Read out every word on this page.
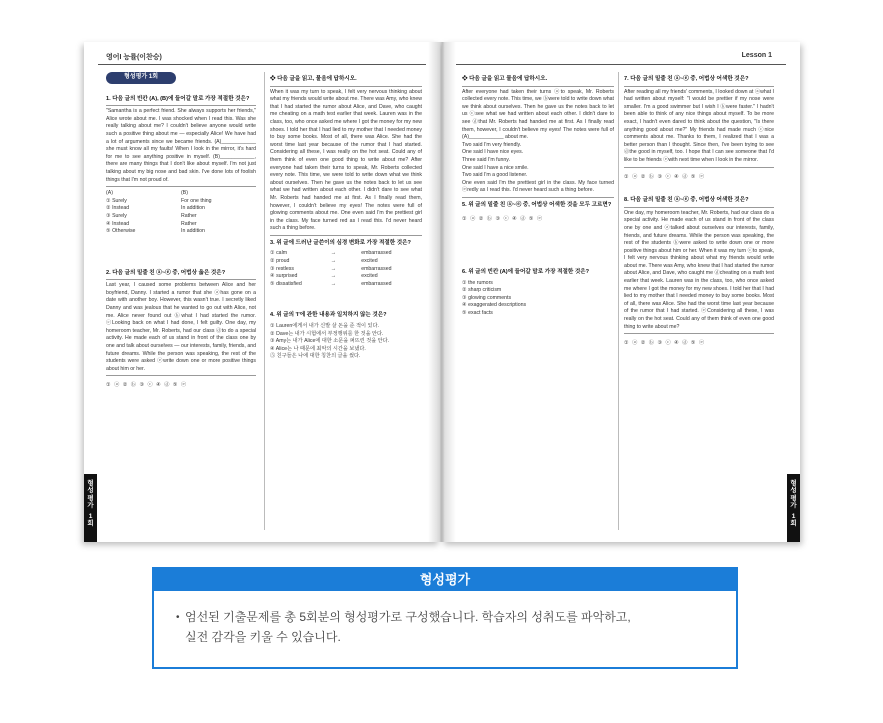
영어I 능률(이찬승)
형성평가 1회
1. 다음 글의 빈칸 (A), (B)에 들어갈 말로 가장 적절한 것은?
"Samantha is a perfect friend. She always supports her friends," Alice wrote about me. I was shocked when I read this. Was she really talking about me? I couldn't believe anyone would write such a positive thing about me — especially Alice! We have had a lot of arguments since we became friends. (A)____________ she must know all my faults! When I look in the mirror, it's hard for me to see anything positive in myself. (B)____________, there are many things that I don't like about myself. I'm not just talking about my big nose and bad skin. I've done lots of foolish things that I'm not proud of.
(A)	(B)
① Surely	For one thing
② Instead	In addition
③ Surely	Rather
④ Instead	Rather
⑤ Otherwise	In addition
2. 다음 글의 밑줄 친 ⓐ~ⓔ 중, 어법상 옳은 것은?
Last year, I caused some problems between Alice and her boyfriend, Danny. I started a rumor that she ⓐhas gone on a date with another boy. However, this wasn't true. I secretly liked Danny and was jealous that he wanted to go out with Alice, not me. Alice never found out ⓑwhat I had started the rumor. ⓒLooking back on what I had done, I felt guilty. One day, my homeroom teacher, Mr. Roberts, had our class ⓓto do a special activity. He made each of us stand in front of the class one by one and talk about ourselves — our interests, family, friends, and future dreams. While the person was speaking, the rest of the students were asked ⓔwrite down one or more positive things about him or her.
① ⓐ ② ⓑ ③ ⓒ ④ ⓓ ⑤ ⓔ
❖ 다음 글을 읽고, 물음에 답하시오.
When it was my turn to speak, I felt very nervous thinking about what my friends would write about me. There was Amy, who knew that I had started the rumor about Alice, and Dave, who caught me cheating on a math test earlier that week. Lauren was in the class, too, who once asked me where I got the money for my new shoes. I told her that I had lied to my mother that I needed money to buy some books. Most of all, there was Alice. She had the worst time last year because of the rumor that I had started. Considering all these, I was really on the hot seat. Could any of them think of even one good thing to write about me? After everyone had taken their turns to speak, Mr. Roberts collected every note. This time, we were told to write down what we think about ourselves. Then he gave us the notes back to let us see what we had written about each other. I didn't dare to see what Mr. Roberts had handed me at first. As I finally read them, however, I couldn't believe my eyes! The notes were full of glowing comments about me. One even said I'm the prettiest girl in the class. My face turned red as I read this. I'd never heard such a thing before.
3. 위 글에 드러난 글쓴이의 심경 변화로 가장 적절한 것은?
① calm	→	embarrassed
② proud	→	excited
③ restless	→	embarrassed
④ surprised	→	excited
⑤ dissatisfied	→	embarrassed
4. 위 글의 'I'에 관한 내용과 일치하지 않는 것은?
① Lauren에게서 내가 신발 살 돈을 준 적이 있다.
② Dave는 내가 시험에서 부정행위를 한 것을 안다.
③ Amy는 내가 Alice에 대한 소문을 퍼뜨린 것을 안다.
④ Alice는 나 때문에 최악의 시간을 보냈다.
⑤ 친구들은 나에 대한 칭찬의 글을 썼다.
형
성
평
가
1
회
Lesson 1
❖ 다음 글을 읽고 물음에 답하시오.
After everyone had taken their turns ⓐto speak, Mr. Roberts collected every note. This time, we ⓑwere told to write down what we think about ourselves. Then he gave us the notes back to let us ⓒsee what we had written about each other. I didn't dare to see ⓓthat Mr. Roberts had handed me at first. As I finally read them, however, I couldn't believe my eyes! The notes were full of (A)____________ about me.
Two said I'm very friendly.
One said I have nice eyes.
Three said I'm funny.
One said I have a nice smile.
Two said I'm a good listener.
One even said I'm the prettiest girl in the class. My face turned ⓔredly as I read this. I'd never heard such a thing before.
5. 위 글의 밑줄 친 ⓐ~ⓔ 중, 어법상 어색한 것을 모두 고르면?
① ⓐ ② ⓑ ③ ⓒ ④ ⓓ ⑤ ⓔ
6. 위 글의 빈칸 (A)에 들어갈 말로 가장 적절한 것은?
① the rumors
② sharp criticism
③ glowing comments
④ exaggerated descriptions
⑤ exact facts
7. 다음 글의 밑줄 친 ⓐ~ⓔ 중, 어법상 어색한 것은?
After reading all my friends' comments, I looked down at ⓐwhat I had written about myself: "I would be prettier if my nose were smaller. I'm a good swimmer but I wish I ⓑwere faster." I hadn't been able to think of any nice things about myself. To be more exact, I hadn't even dared to think about the question, "Is there anything good about me?" My friends had made much ⓒnice comments about me. Thanks to them, I realized that I was a better person than I thought. Since then, I've been trying to see ⓓthe good in myself, too. I hope that I can see someone that I'd like to be friends ⓔwith next time when I look in the mirror.
① ⓐ ② ⓑ ③ ⓒ ④ ⓓ ⑤ ⓔ
8. 다음 글의 밑줄 친 ⓐ~ⓔ 중, 어법상 어색한 것은?
One day, my homeroom teacher, Mr. Roberts, had our class do a special activity. He made each of us stand in front of the class one by one and ⓐtalked about ourselves our interests, family, friends, and future dreams. While the person was speaking, the rest of the students ⓑwere asked to write down one or more positive things about him or her. When it was my turn ⓒto speak, I felt very nervous thinking about what my friends would write about me. There was Amy, who knew that I had started the rumor about Alice, and Dave, who caught me ⓓcheating on a math test earlier that week. Lauren was in the class, too, who once asked me where I got the money for my new shoes. I told her that I had lied to my mother that I needed money to buy some books. Most of all, there was Alice. She had the worst time last year because of the rumor that I had started. ⓔConsidering all these, I was really on the hot seat. Could any of them think of even one good thing to write about me?
① ⓐ ② ⓑ ③ ⓒ ④ ⓓ ⑤ ⓔ
형
성
평
가
1
회
형성평가
• 엄선된 기출문제를 총 5회분의 형성평가로 구성했습니다. 학습자의 성취도를 파악하고,
실전 감각을 키울 수 있습니다.
